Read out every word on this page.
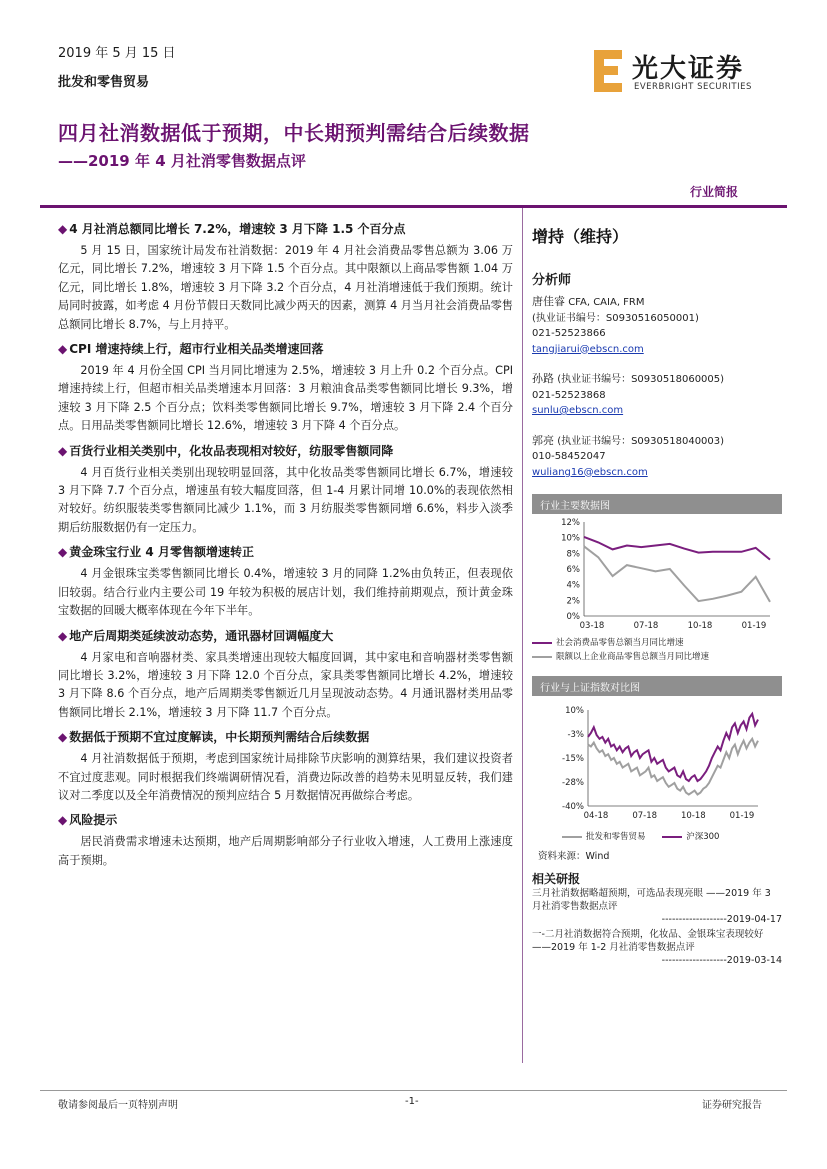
2019 年 5 月 15 日
批发和零售贸易	光大证券
EVERBRIGHT SECURITIES
四月社消数据低于预期，中长期预判需结合后续数据
——2019 年 4 月社消零售数据点评
行业简报
◆ 4 月社消总额同比增长 7.2%，增速较 3 月下降 1.5 个百分点

5 月 15 日，国家统计局发布社消数据：2019 年 4 月社会消费品零售总额为 3.06 万亿元，同比增长 7.2%，增速较 3 月下降 1.5 个百分点。其中限额以上商品零售额 1.04 万亿元，同比增长 1.8%，增速较 3 月下降 3.2 个百分点，4 月社消增速低于我们预期。统计局同时披露，如考虑 4 月份节假日天数同比减少两天的因素，测算 4 月当月社会消费品零售总额同比增长 8.7%，与上月持平。

◆ CPI 增速持续上行，超市行业相关品类增速回落

2019 年 4 月份全国 CPI 当月同比增速为 2.5%，增速较 3 月上升 0.2 个百分点。CPI 增速持续上行，但超市相关品类增速本月回落：3 月粮油食品类零售额同比增长 9.3%，增速较 3 月下降 2.5 个百分点；饮料类零售额同比增长 9.7%，增速较 3 月下降 2.4 个百分点。日用品类零售额同比增长 12.6%，增速较 3 月下降 4 个百分点。

◆ 百货行业相关类别中，化妆品表现相对较好，纺服零售额同降

4 月百货行业相关类别出现较明显回落，其中化妆品类零售额同比增长 6.7%，增速较 3 月下降 7.7 个百分点，增速虽有较大幅度回落，但 1-4 月累计同增 10.0%的表现依然相对较好。纺织服装类零售额同比减少 1.1%，而 3 月纺服类零售额同增 6.6%，料步入淡季期后纺服数据仍有一定压力。

◆ 黄金珠宝行业 4 月零售额增速转正

4 月金银珠宝类零售额同比增长 0.4%，增速较 3 月的同降 1.2%由负转正，但表现依旧较弱。结合行业内主要公司 19 年较为积极的展店计划，我们维持前期观点，预计黄金珠宝数据的回暖大概率体现在今年下半年。

◆ 地产后周期类延续波动态势，通讯器材回调幅度大

4 月家电和音响器材类、家具类增速出现较大幅度回调，其中家电和音响器材类零售额同比增长 3.2%，增速较 3 月下降 12.0 个百分点，家具类零售额同比增长 4.2%，增速较 3 月下降 8.6 个百分点，地产后周期类零售额近几月呈现波动态势。4 月通讯器材类用品零售额同比增长 2.1%，增速较 3 月下降 11.7 个百分点。

◆ 数据低于预期不宜过度解读，中长期预判需结合后续数据

4 月社消数据低于预期，考虑到国家统计局排除节庆影响的测算结果，我们建议投资者不宜过度悲观。同时根据我们终端调研情况看，消费边际改善的趋势未见明显反转，我们建议对二季度以及全年消费情况的预判应结合 5 月数据情况再做综合考虑。

◆ 风险提示

居民消费需求增速未达预期，地产后周期影响部分子行业收入增速，人工费用上涨速度高于预期。

增持（维持）
分析师
唐佳睿 CFA, CAIA, FRM
(执业证书编号：S0930516050001)
021-52523866
tangjiarui@ebscn.com
孙路 (执业证书编号：S0930518060005)
021-52523868
sunlu@ebscn.com
郭亮 (执业证书编号：S0930518040003)
010-58452047
wuliang16@ebscn.com
行业主要数据图
12%
10%
8%
6%
4%
2%
0%
03-18	07-18	10-18	01-19
社会消费品零售总额当月同比增速
限额以上企业商品零售总额当月同比增速
行业与上证指数对比图
10%
-3%
-15%
-28%
-40%
04-18	07-18	10-18	01-19
批发和零售贸易	沪深300
资料来源：Wind
相关研报
三月社消数据略超预期，可选品表现亮眼 ——2019 年 3 月社消零售数据点评
-------------------2019-04-17
一-二月社消数据符合预期，化妆品、金银珠宝表现较好——2019 年 1-2 月社消零售数据点评
-------------------2019-03-14
敬请参阅最后一页特别声明	-1-	证券研究报告
